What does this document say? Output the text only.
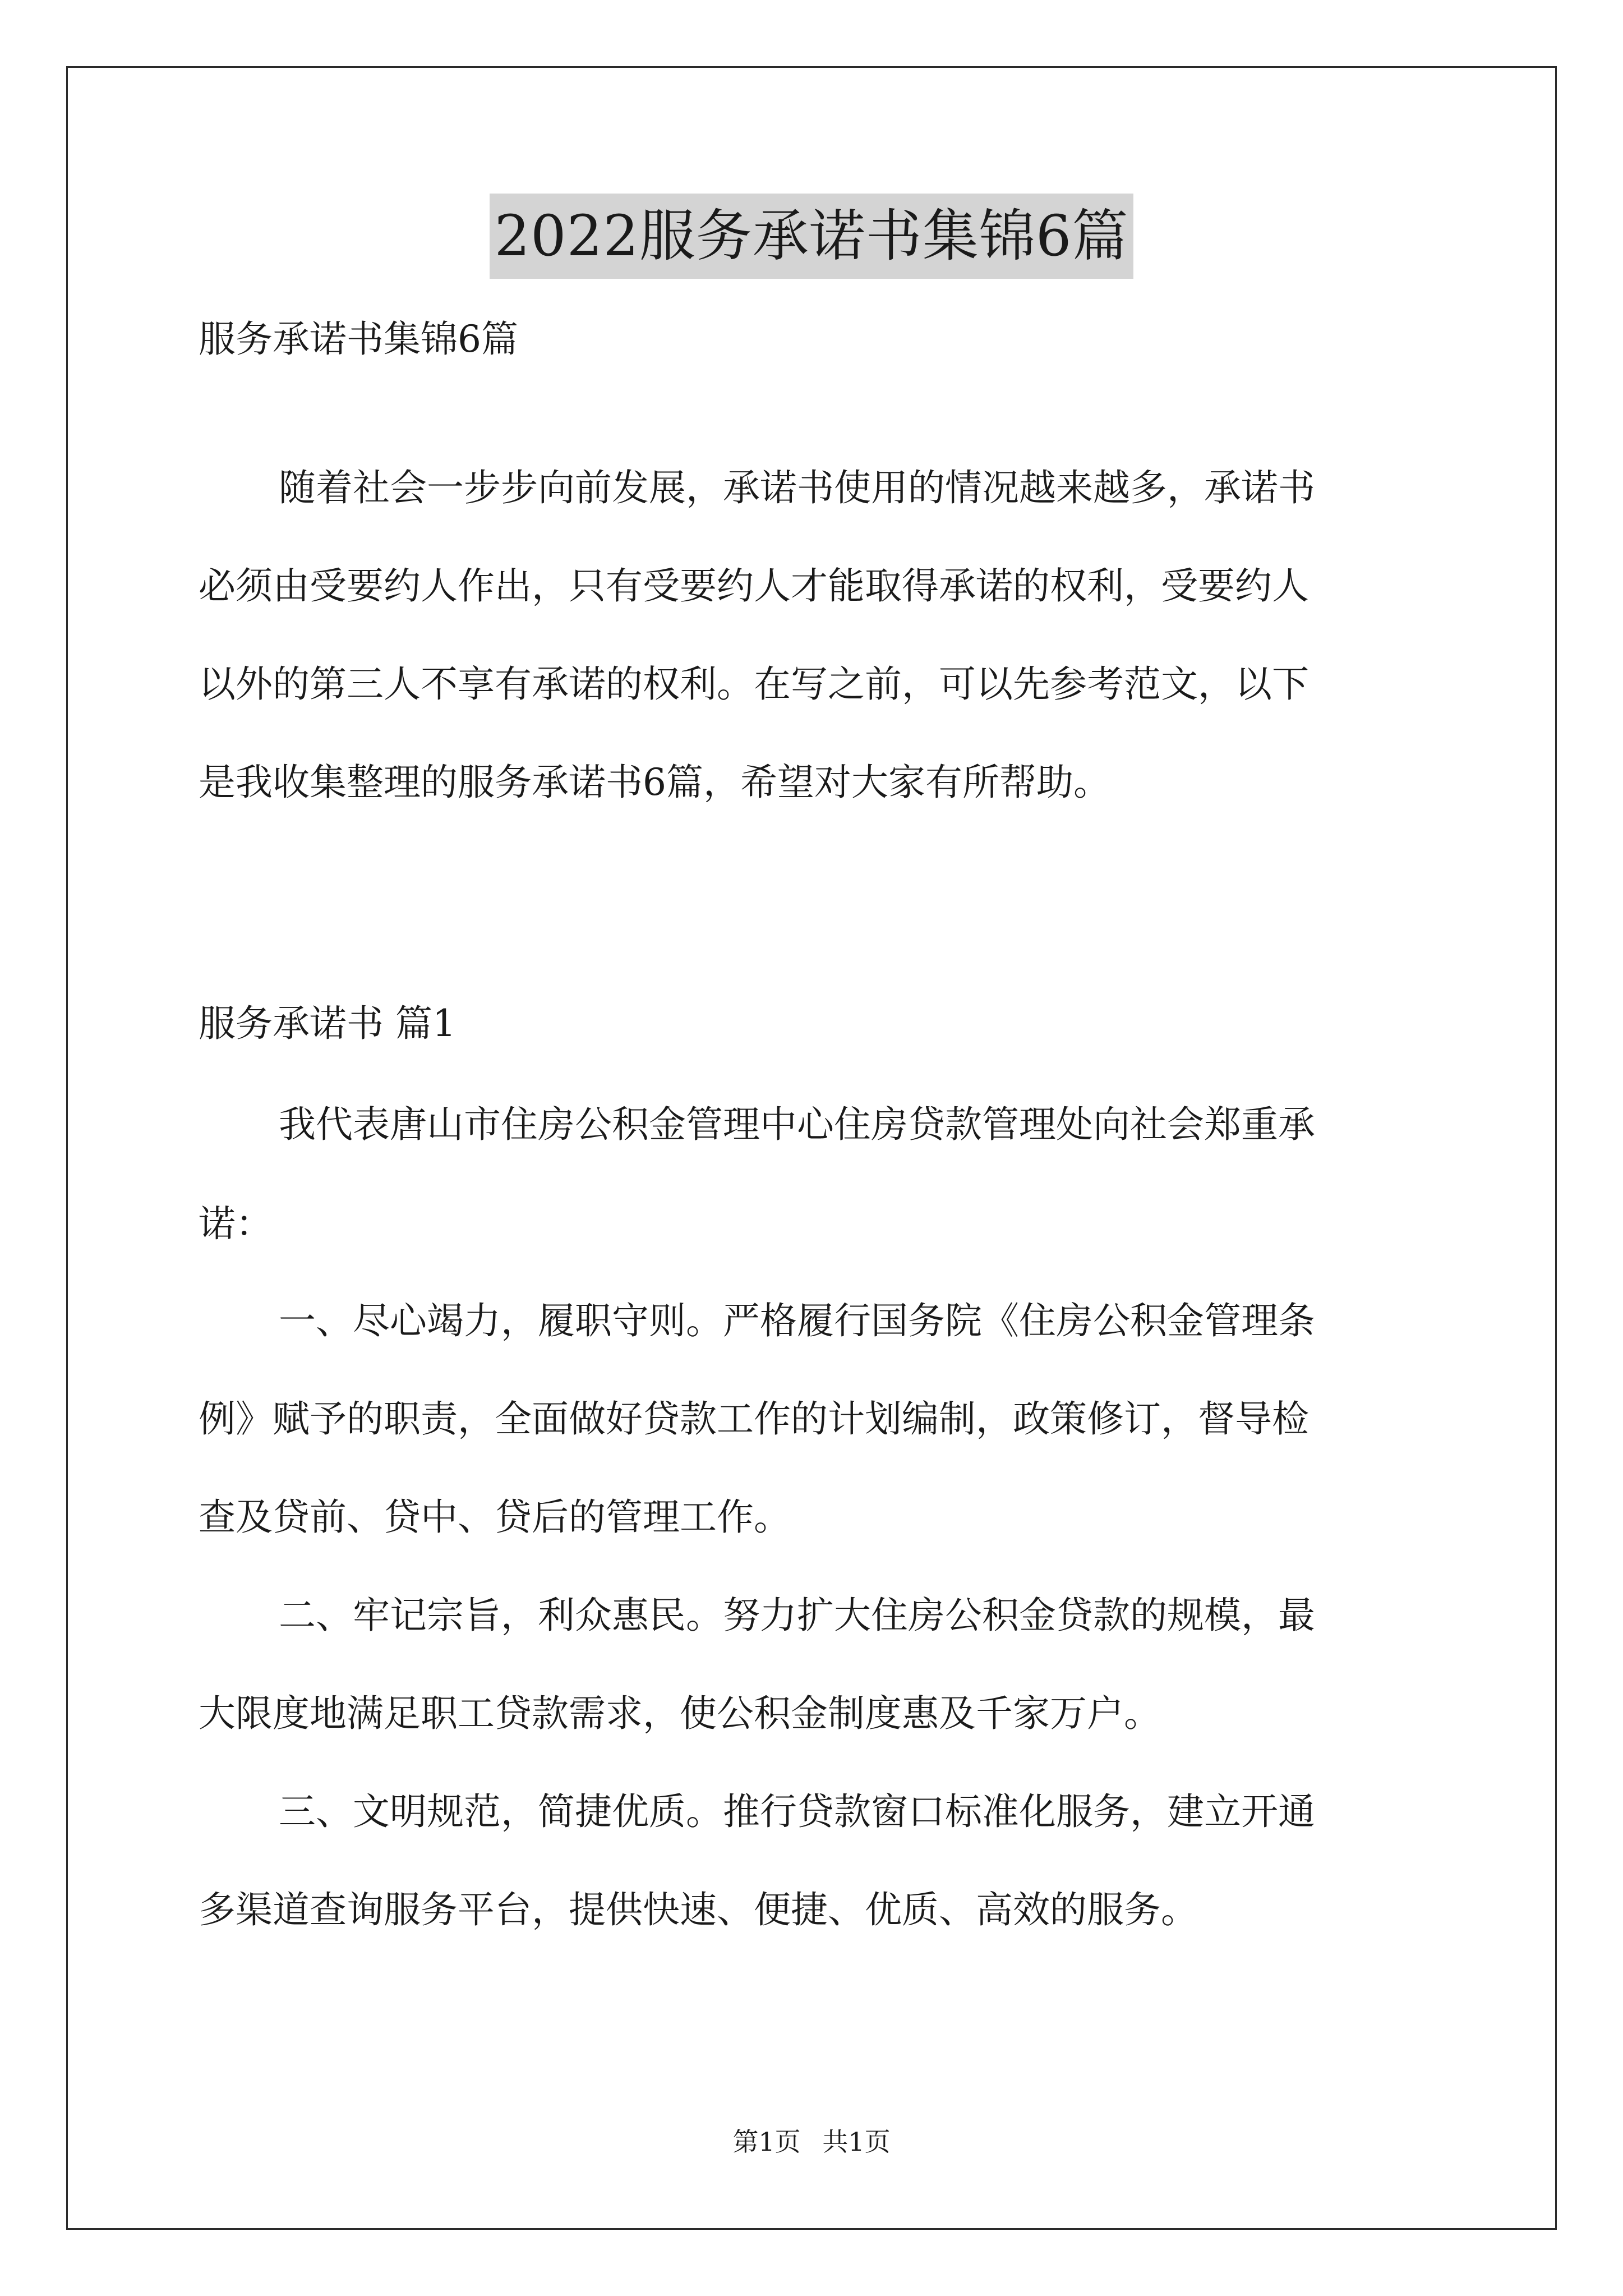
2022服务承诺书集锦6篇
服务承诺书集锦6篇
随着社会一步步向前发展，承诺书使用的情况越来越多，承诺书
必须由受要约人作出，只有受要约人才能取得承诺的权利，受要约人
以外的第三人不享有承诺的权利。在写之前，可以先参考范文，以下
是我收集整理的服务承诺书6篇，希望对大家有所帮助。
服务承诺书 篇1
我代表唐山市住房公积金管理中心住房贷款管理处向社会郑重承
诺：
一、尽心竭力，履职守则。严格履行国务院《住房公积金管理条
例》赋予的职责，全面做好贷款工作的计划编制，政策修订，督导检
查及贷前、贷中、贷后的管理工作。
二、牢记宗旨，利众惠民。努力扩大住房公积金贷款的规模，最
大限度地满足职工贷款需求，使公积金制度惠及千家万户。
三、文明规范，简捷优质。推行贷款窗口标准化服务，建立开通
多渠道查询服务平台，提供快速、便捷、优质、高效的服务。
第1页 共1页
